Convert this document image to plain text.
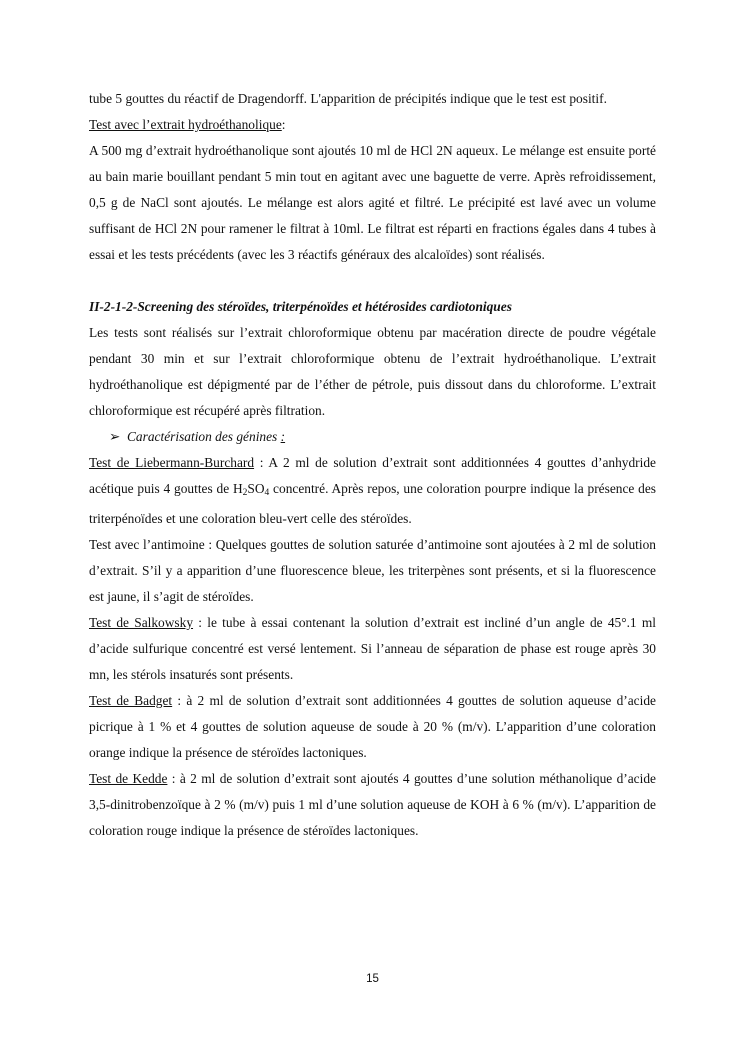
tube 5 gouttes du réactif de Dragendorff. L'apparition de précipités indique que le test est positif.

Test avec l’extrait hydroéthanolique:

A 500 mg d’extrait hydroéthanolique sont ajoutés 10 ml de HCl 2N aqueux. Le mélange est ensuite porté au bain marie bouillant pendant 5 min tout en agitant avec une baguette de verre. Après refroidissement, 0,5 g de NaCl sont ajoutés. Le mélange est alors agité et filtré. Le précipité est lavé avec un volume suffisant de HCl 2N pour ramener le filtrat à 10ml. Le filtrat est réparti en fractions égales dans 4 tubes à essai et les tests précédents (avec les 3 réactifs généraux des alcaloïdes) sont réalisés.

II-2-1-2-Screening des stéroïdes, triterpénoïdes et hétérosides cardiotoniques

Les tests sont réalisés sur l’extrait chloroformique obtenu par macération directe de poudre végétale pendant 30 min et sur l’extrait chloroformique obtenu de l’extrait hydroéthanolique. L’extrait hydroéthanolique est dépigmenté par de l’éther de pétrole, puis dissout dans du chloroforme. L’extrait chloroformique est récupéré après filtration.

➢ Caractérisation des génines :

Test de Liebermann-Burchard : A 2 ml de solution d’extrait sont additionnées 4 gouttes d’anhydride acétique puis 4 gouttes de $H_2SO_4$ concentré. Après repos, une coloration pourpre indique la présence des triterpénoïdes et une coloration bleu-vert celle des stéroïdes.

Test avec l’antimoine : Quelques gouttes de solution saturée d’antimoine sont ajoutées à 2 ml de solution d’extrait. S’il y a apparition d’une fluorescence bleue, les triterpènes sont présents, et si la fluorescence est jaune, il s’agit de stéroïdes.

Test de Salkowsky : le tube à essai contenant la solution d’extrait est incliné d’un angle de 45°.1 ml d’acide sulfurique concentré est versé lentement. Si l’anneau de séparation de phase est rouge après 30 mn, les stérols insaturés sont présents.

Test de Badget : à 2 ml de solution d’extrait sont additionnées 4 gouttes de solution aqueuse d’acide picrique à 1 % et 4 gouttes de solution aqueuse de soude à 20 % (m/v). L’apparition d’une coloration orange indique la présence de stéroïdes lactoniques.

Test de Kedde : à 2 ml de solution d’extrait sont ajoutés 4 gouttes d’une solution méthanolique d’acide 3,5-dinitrobenzoïque à 2 % (m/v) puis 1 ml d’une solution aqueuse de KOH à 6 % (m/v). L’apparition de coloration rouge indique la présence de stéroïdes lactoniques.

15
